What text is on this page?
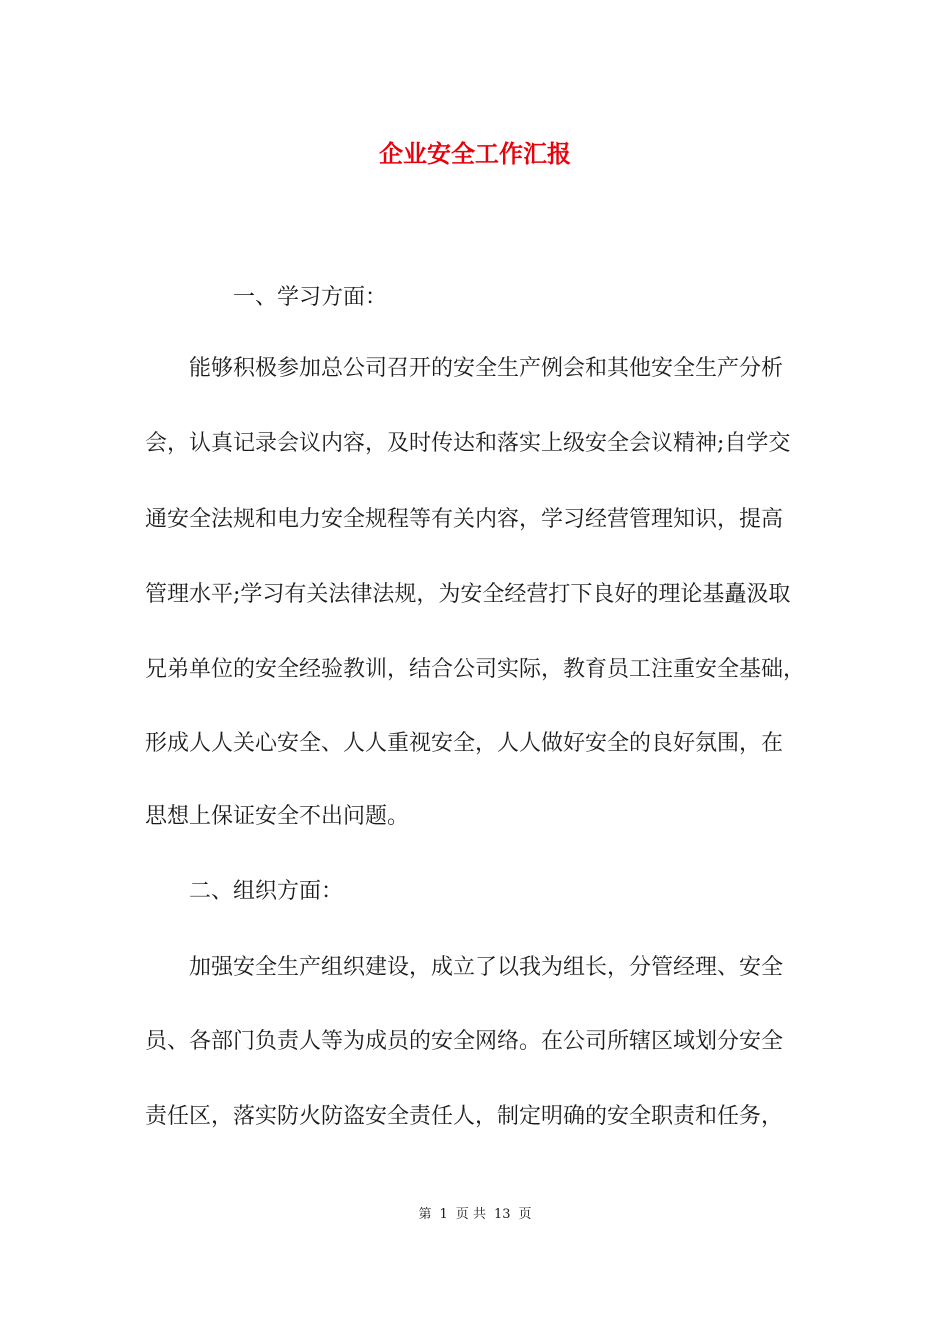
企业安全工作汇报

一、学习方面：

能够积极参加总公司召开的安全生产例会和其他安全生产分析

会，认真记录会议内容，及时传达和落实上级安全会议精神;自学交

通安全法规和电力安全规程等有关内容，学习经营管理知识，提高

管理水平;学习有关法律法规，为安全经营打下良好的理论基矗汲取

兄弟单位的安全经验教训，结合公司实际，教育员工注重安全基础，

形成人人关心安全、人人重视安全，人人做好安全的良好氛围，在

思想上保证安全不出问题。

二、组织方面：

加强安全生产组织建设，成立了以我为组长，分管经理、安全

员、各部门负责人等为成员的安全网络。在公司所辖区域划分安全

责任区，落实防火防盗安全责任人，制定明确的安全职责和任务，

第 1 页 共 13 页
